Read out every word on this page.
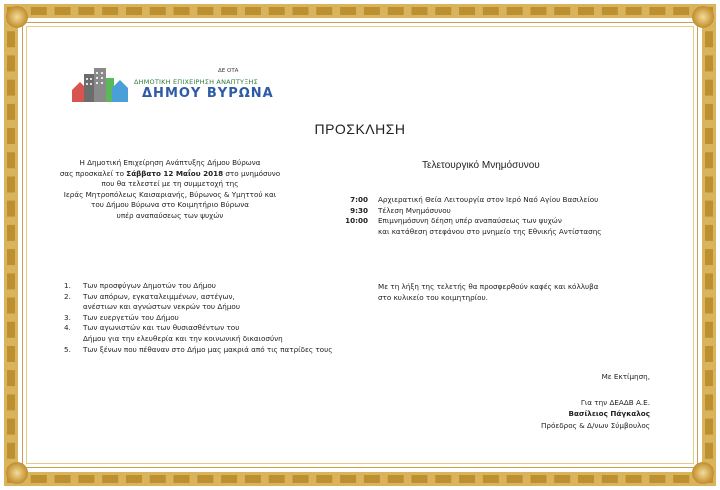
ΔΕ ΟΤΑ
ΔΗΜΟΤΙΚΗ ΕΠΙΧΕΙΡΗΣΗ ΑΝΑΠΤΥΞΗΣ
ΔΗΜΟΥ ΒΥΡΩΝΑ
ΠΡΟΣΚΛΗΣΗ
Η Δημοτική Επιχείρηση Ανάπτυξης Δήμου Βύρωνα
σας προσκαλεί το Σάββατο 12 Μαΐου 2018 στο μνημόσυνο
που θα τελεστεί με τη συμμετοχή της
Ιεράς Μητροπόλεως Καισαριανής, Βύρωνος & Υμηττού και
του Δήμου Βύρωνα στο Κοιμητήριο Βύρωνα
υπέρ αναπαύσεως των ψυχών
Τελετουργικό Μνημόσυνου
7:00 Αρχιερατική Θεία Λειτουργία στον Ιερό Ναό Αγίου Βασιλείου
9:30 Τέλεση Μνημόσυνου
10:00 Επιμνημόσυνη δέηση υπέρ αναπαύσεως των ψυχών
και κατάθεση στεφάνου στο μνημείο της Εθνικής Αντίστασης
1. Των προσφύγων Δημοτών του Δήμου
2. Των απόρων, εγκαταλειμμένων, αστέγων,
ανέστιων και αγνώστων νεκρών του Δήμου
3. Των ευεργετών του Δήμου
4. Των αγωνιστών και των θυσιασθέντων του
Δήμου για την ελευθερία και την κοινωνική δικαιοσύνη
5. Των ξένων που πέθαναν στο Δήμο μας μακριά από τις πατρίδες τους
Με τη λήξη της τελετής θα προσφερθούν καφές και κόλλυβα
στο κυλικείο του κοιμητηρίου.
Με Εκτίμηση,
Για την ΔΕΑΔΒ Α.Ε.
Βασίλειος Πάγκαλος
Πρόεδρος & Δ/νων Σύμβουλος
